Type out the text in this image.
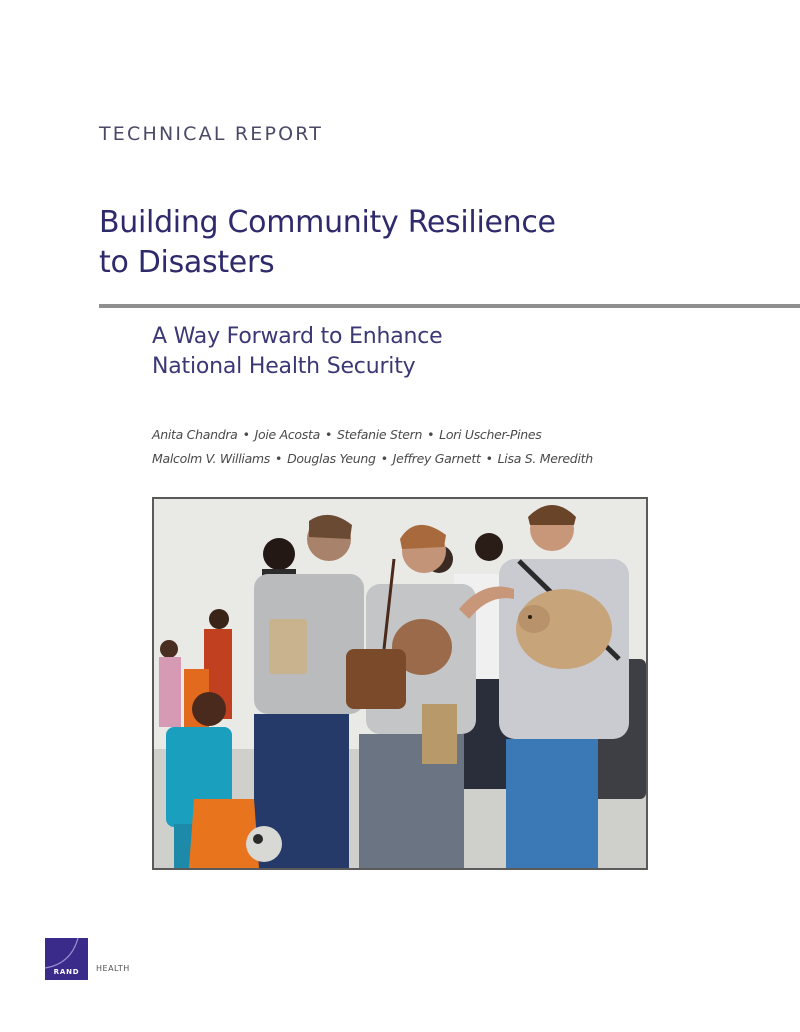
TECHNICAL REPORT
Building Community Resilience
to Disasters
A Way Forward to Enhance
National Health Security
Anita Chandra • Joie Acosta • Stefanie Stern • Lori Uscher-Pines
Malcolm V. Williams • Douglas Yeung • Jeffrey Garnett • Lisa S. Meredith
RAND	HEALTH
